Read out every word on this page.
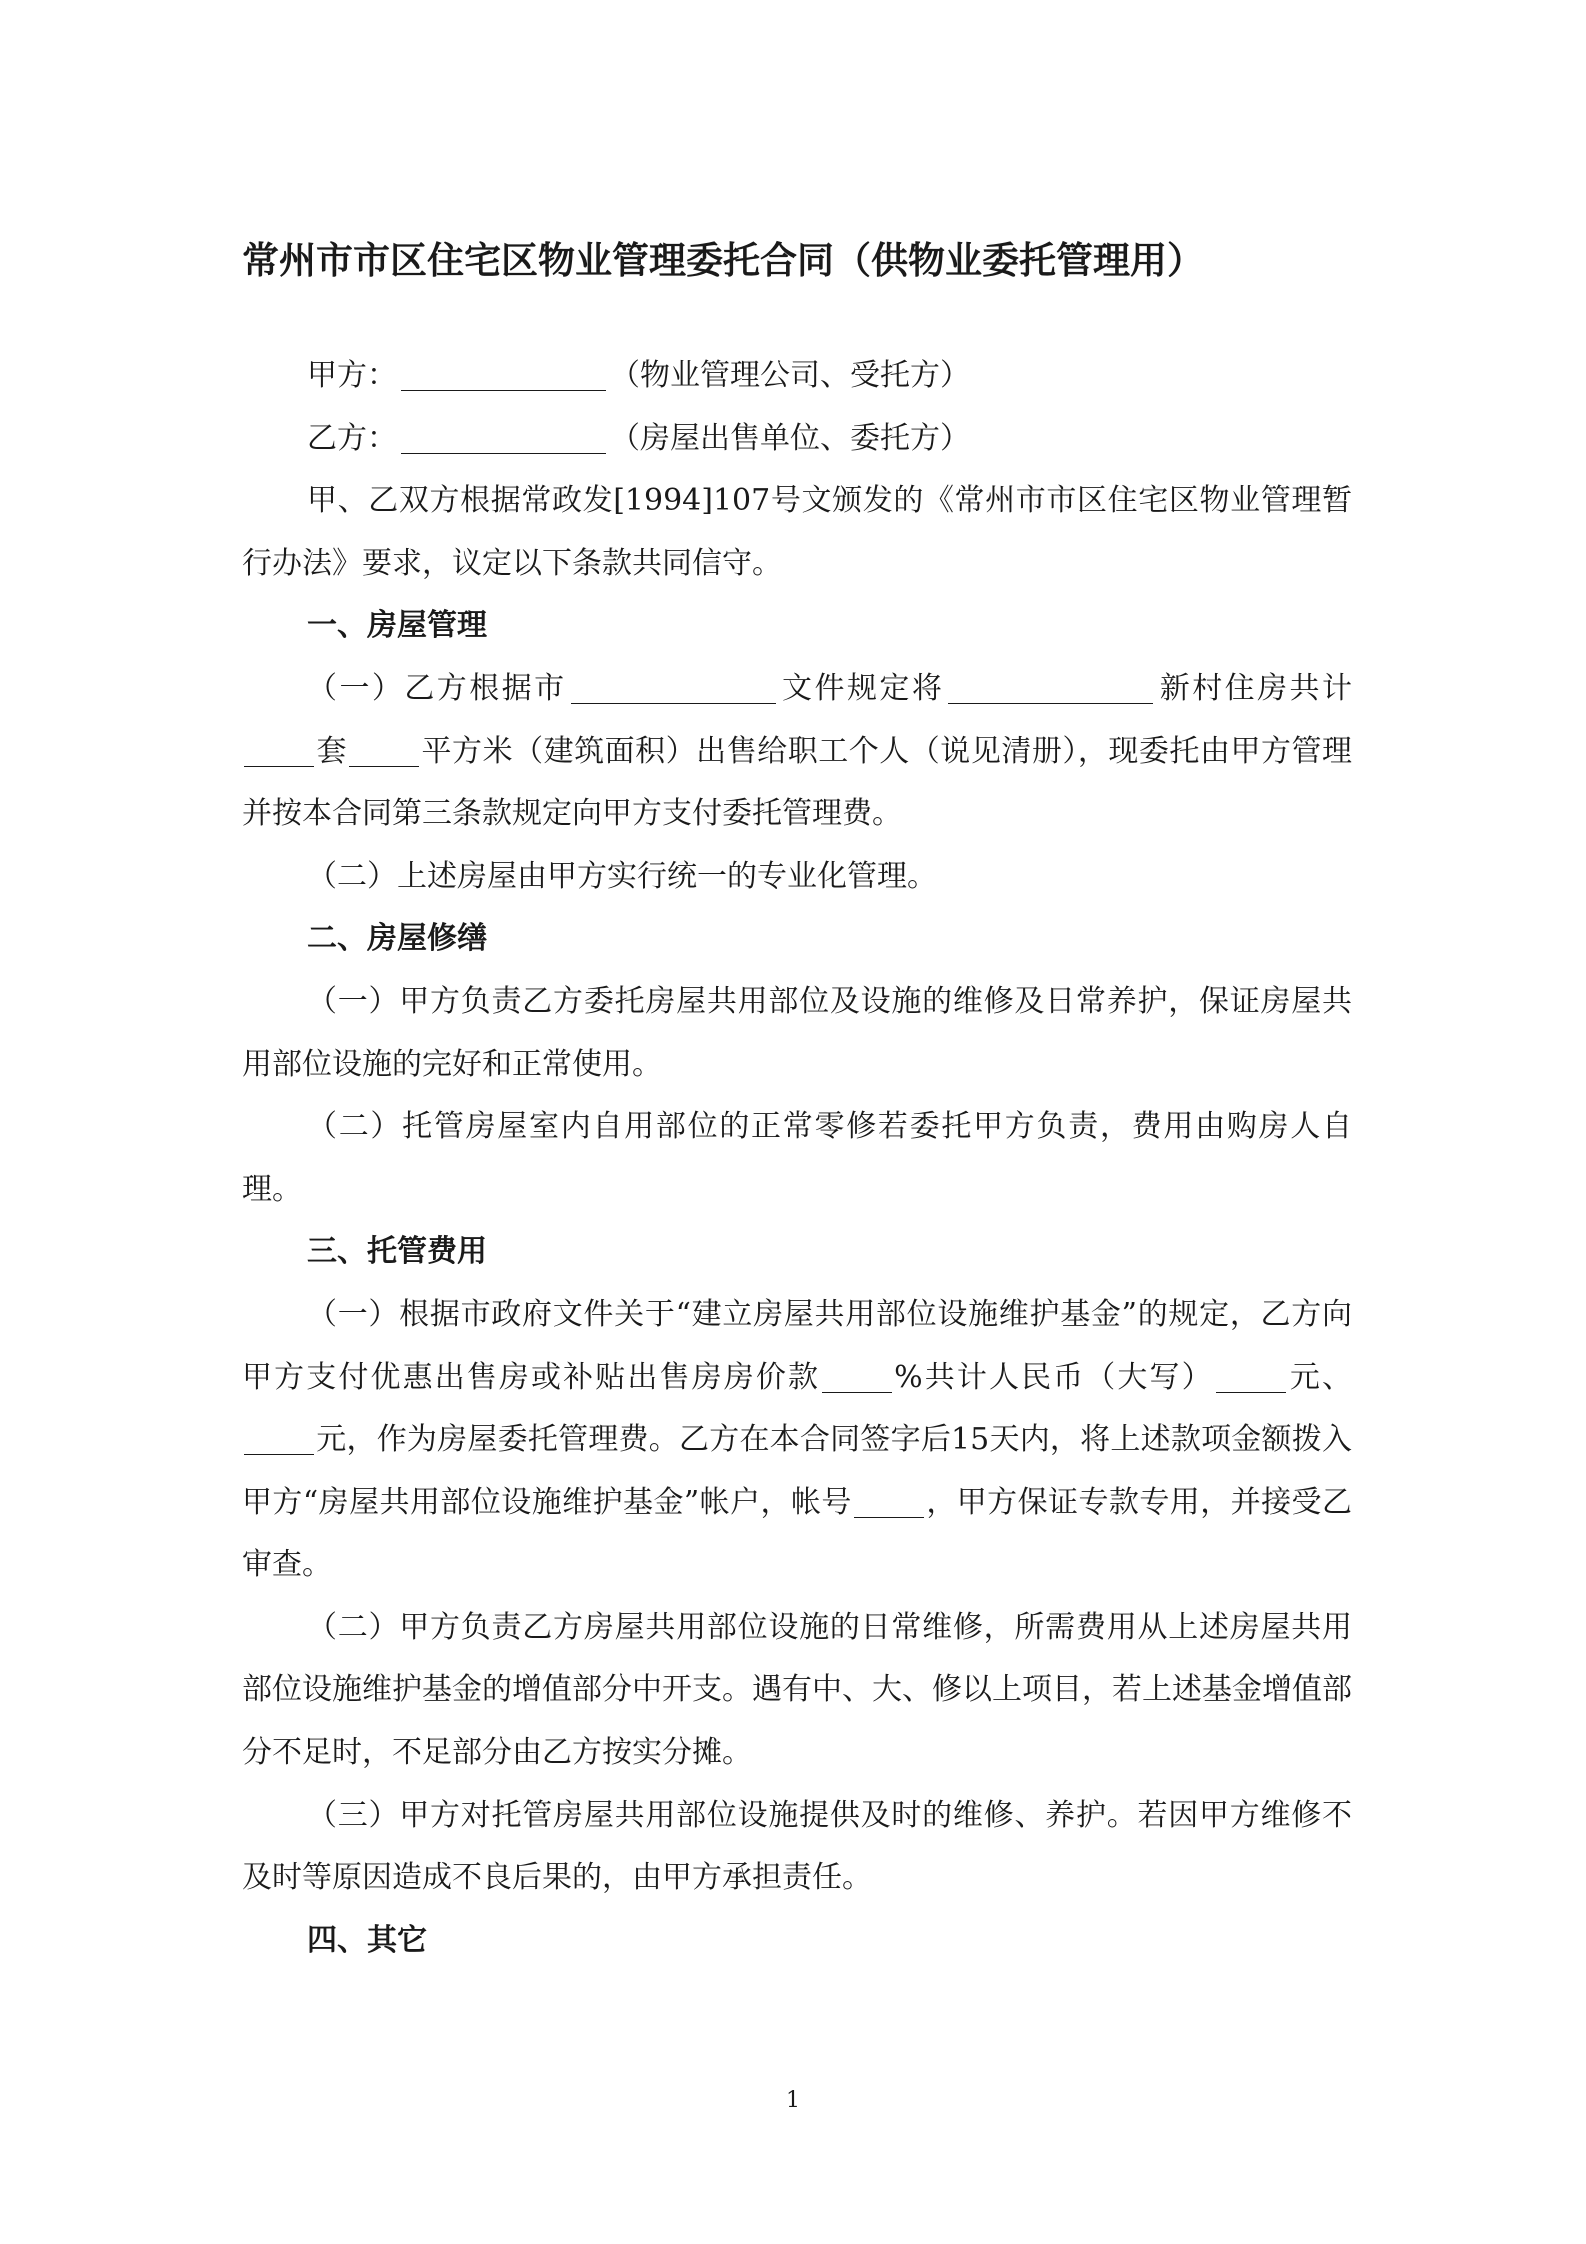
常州市市区住宅区物业管理委托合同（供物业委托管理用）

甲方：	（物业管理公司、受托方）

乙方：	（房屋出售单位、委托方）

甲、乙双方根据常政发[1994]107号文颁发的《常州市市区住宅区物业管理暂行办法》要求，议定以下条款共同信守。

一、房屋管理

（一）乙方根据市	文件规定将	新村住房共计套 平方米（建筑面积）出售给职工个人（说见清册），现委托由甲方管理并按本合同第三条款规定向甲方支付委托管理费。

（二）上述房屋由甲方实行统一的专业化管理。

二、房屋修缮

（一）甲方负责乙方委托房屋共用部位及设施的维修及日常养护，保证房屋共用部位设施的完好和正常使用。

（二）托管房屋室内自用部位的正常零修若委托甲方负责，费用由购房人自理。

三、托管费用

（一）根据市政府文件关于“建立房屋共用部位设施维护基金”的规定，乙方向甲方支付优惠出售房或补贴出售房房价款 %共计人民币（大写） 元、元，作为房屋委托管理费。乙方在本合同签字后15天内，将上述款项金额拨入甲方“房屋共用部位设施维护基金”帐户，帐号 ，甲方保证专款专用，并接受乙审查。

（二）甲方负责乙方房屋共用部位设施的日常维修，所需费用从上述房屋共用部位设施维护基金的增值部分中开支。遇有中、大、修以上项目，若上述基金增值部分不足时，不足部分由乙方按实分摊。

（三）甲方对托管房屋共用部位设施提供及时的维修、养护。若因甲方维修不及时等原因造成不良后果的，由甲方承担责任。

四、其它

1
